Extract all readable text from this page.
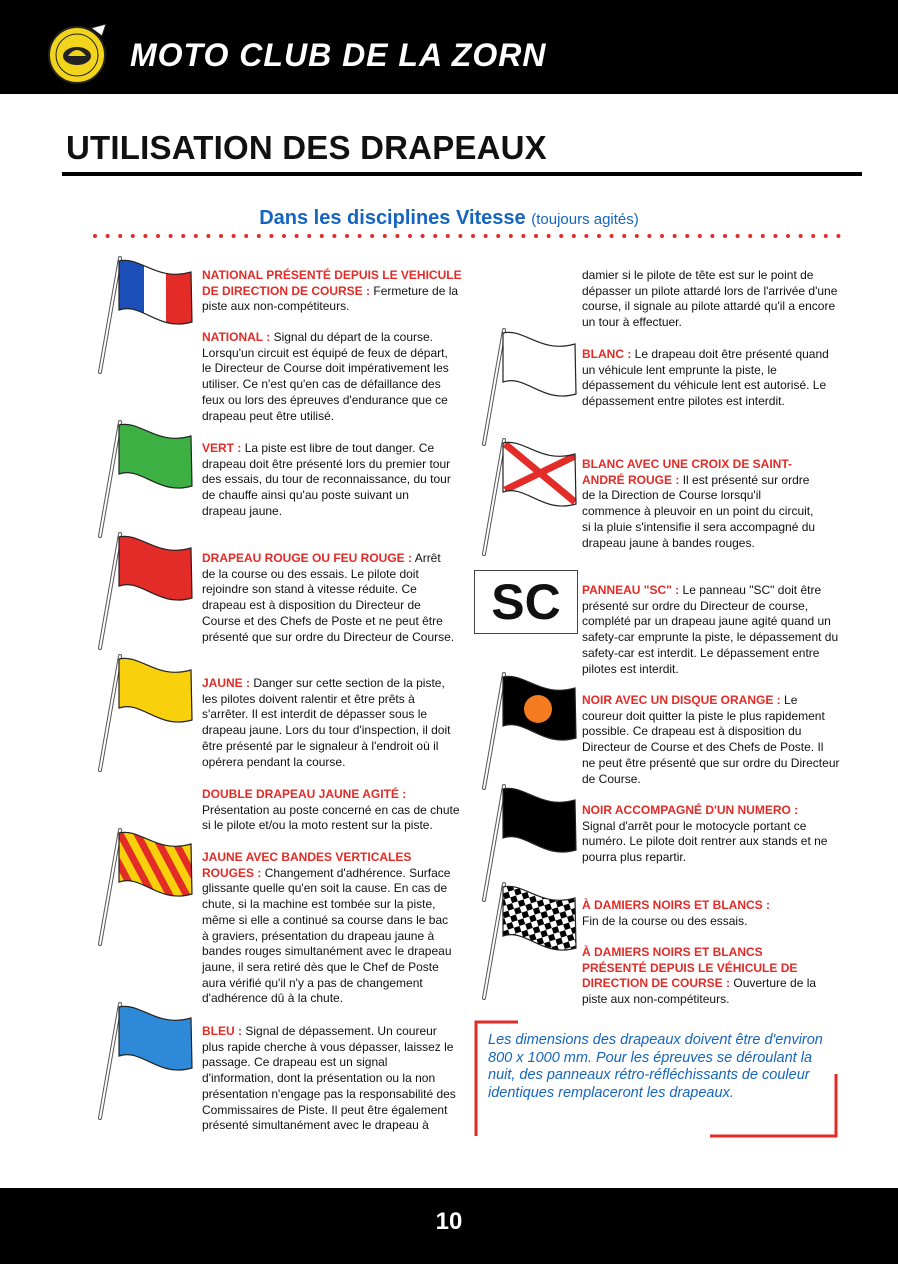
MOTO CLUB DE LA ZORN
UTILISATION DES DRAPEAUX
Dans les disciplines Vitesse (toujours agités)
SC

NATIONAL PRÉSENTÉ DEPUIS LE VEHICULE DE DIRECTION DE COURSE : Fermeture de la piste aux non-compétiteurs.

NATIONAL : Signal du départ de la course. Lorsqu'un circuit est équipé de feux de départ, le Directeur de Course doit impérativement les utiliser. Ce n'est qu'en cas de défaillance des feux ou lors des épreuves d'endurance que ce drapeau peut être utilisé.

VERT : La piste est libre de tout danger. Ce drapeau doit être présenté lors du premier tour des essais, du tour de reconnaissance, du tour de chauffe ainsi qu'au poste suivant un drapeau jaune.

DRAPEAU ROUGE OU FEU ROUGE : Arrêt de la course ou des essais. Le pilote doit rejoindre son stand à vitesse réduite. Ce drapeau est à disposition du Directeur de Course et des Chefs de Poste et ne peut être présenté que sur ordre du Directeur de Course.

JAUNE : Danger sur cette section de la piste, les pilotes doivent ralentir et être prêts à s'arrêter. Il est interdit de dépasser sous le drapeau jaune. Lors du tour d'inspection, il doit être présenté par le signaleur à l'endroit où il opérera pendant la course.

DOUBLE DRAPEAU JAUNE AGITÉ :
Présentation au poste concerné en cas de chute si le pilote et/ou la moto restent sur la piste.

JAUNE AVEC BANDES VERTICALES ROUGES : Changement d'adhérence. Surface glissante quelle qu'en soit la cause. En cas de chute, si la machine est tombée sur la piste, même si elle a continué sa course dans le bac à graviers, présentation du drapeau jaune à bandes rouges simultanément avec le drapeau jaune, il sera retiré dès que le Chef de Poste aura vérifié qu'il n'y a pas de changement d'adhérence dû à la chute.

BLEU : Signal de dépassement. Un coureur plus rapide cherche à vous dépasser, laissez le passage. Ce drapeau est un signal d'information, dont la présentation ou la non présentation n'engage pas la responsabilité des Commissaires de Piste. Il peut être également présenté simultanément avec le drapeau à

damier si le pilote de tête est sur le point de dépasser un pilote attardé lors de l'arrivée d'une course, il signale au pilote attardé qu'il a encore un tour à effectuer.

BLANC : Le drapeau doit être présenté quand un véhicule lent emprunte la piste, le dépassement du véhicule lent est autorisé. Le dépassement entre pilotes est interdit.

BLANC AVEC UNE CROIX DE SAINT-ANDRÉ ROUGE : Il est présenté sur ordre de la Direction de Course lorsqu'il commence à pleuvoir en un point du circuit, si la pluie s'intensifie il sera accompagné du drapeau jaune à bandes rouges.

PANNEAU "SC" : Le panneau "SC" doit être présenté sur ordre du Directeur de course, complété par un drapeau jaune agité quand un safety-car emprunte la piste, le dépassement du safety-car est interdit. Le dépassement entre pilotes est interdit.

NOIR AVEC UN DISQUE ORANGE : Le coureur doit quitter la piste le plus rapidement possible. Ce drapeau est à disposition du Directeur de Course et des Chefs de Poste. Il ne peut être présenté que sur ordre du Directeur de Course.

NOIR ACCOMPAGNÉ D'UN NUMERO : Signal d'arrêt pour le motocycle portant ce numéro. Le pilote doit rentrer aux stands et ne pourra plus repartir.

À DAMIERS NOIRS ET BLANCS :
Fin de la course ou des essais.

À DAMIERS NOIRS ET BLANCS PRÉSENTÉ DEPUIS LE VÉHICULE DE DIRECTION DE COURSE : Ouverture de la piste aux non-compétiteurs.

Les dimensions des drapeaux doivent être d'environ 800 x 1000 mm. Pour les épreuves se déroulant la nuit, des panneaux rétro-réfléchissants de couleur identiques remplaceront les drapeaux.
10
